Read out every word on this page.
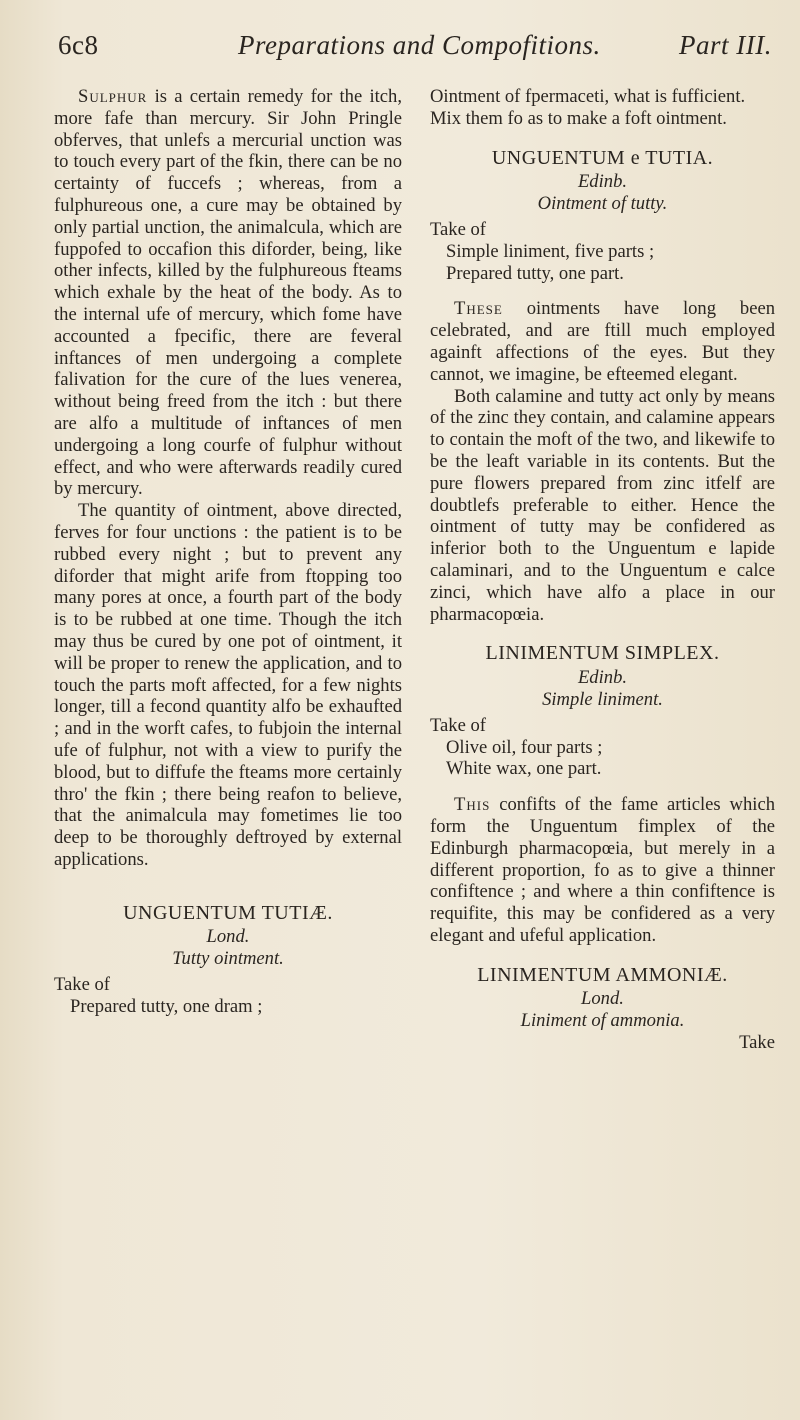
6c8	Preparations and Compofitions.	Part III.

Sulphur is a certain remedy for the itch, more fafe than mercury. Sir John Pringle obferves, that unlefs a mercurial unction was to touch every part of the fkin, there can be no certainty of fuccefs ; whereas, from a fulphureous one, a cure may be obtained by only partial unction, the animalcula, which are fuppofed to occafion this diforder, being, like other infects, killed by the fulphureous fteams which exhale by the heat of the body. As to the internal ufe of mercury, which fome have accounted a fpecific, there are feveral inftances of men undergoing a complete falivation for the cure of the lues venerea, without being freed from the itch : but there are alfo a multitude of inftances of men undergoing a long courfe of fulphur without effect, and who were afterwards readily cured by mercury.

The quantity of ointment, above directed, ferves for four unctions : the patient is to be rubbed every night ; but to prevent any diforder that might arife from ftopping too many pores at once, a fourth part of the body is to be rubbed at one time. Though the itch may thus be cured by one pot of ointment, it will be proper to renew the application, and to touch the parts moft affected, for a few nights longer, till a fecond quantity alfo be exhaufted ; and in the worft cafes, to fubjoin the internal ufe of fulphur, not with a view to purify the blood, but to diffufe the fteams more certainly thro' the fkin ; there being reafon to believe, that the animalcula may fometimes lie too deep to be thoroughly deftroyed by external applications.

UNGUENTUM TUTIÆ.

Lond.

Tutty ointment.

Take of

Prepared tutty, one dram ;

Ointment of fpermaceti, what is fufficient.

Mix them fo as to make a foft ointment.

UNGUENTUM e TUTIA.

Edinb.

Ointment of tutty.

Take of

Simple liniment, five parts ;

Prepared tutty, one part.

These ointments have long been celebrated, and are ftill much employed againft affections of the eyes. But they cannot, we imagine, be efteemed elegant.

Both calamine and tutty act only by means of the zinc they contain, and calamine appears to contain the moft of the two, and likewife to be the leaft variable in its contents. But the pure flowers prepared from zinc itfelf are doubtlefs preferable to either. Hence the ointment of tutty may be confidered as inferior both to the Unguentum e lapide calaminari, and to the Unguentum e calce zinci, which have alfo a place in our pharmacopœia.

LINIMENTUM SIMPLEX.

Edinb.

Simple liniment.

Take of

Olive oil, four parts ;

White wax, one part.

This confifts of the fame articles which form the Unguentum fimplex of the Edinburgh pharmacopœia, but merely in a different proportion, fo as to give a thinner confiftence ; and where a thin confiftence is requifite, this may be confidered as a very elegant and ufeful application.

LINIMENTUM AMMONIÆ.

Lond.

Liniment of ammonia.

Take
